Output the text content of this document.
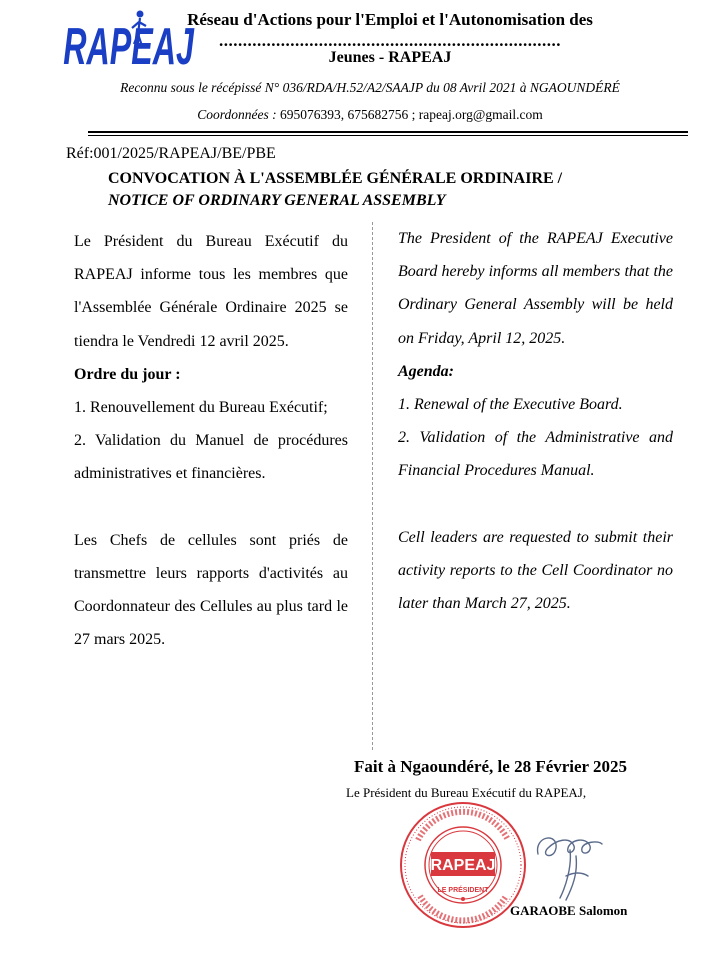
RAPEAJ
Réseau d'Actions pour l'Emploi et l'Autonomisation des
........................................................................
Jeunes - RAPEAJ
Reconnu sous le récépissé N° 036/RDA/H.52/A2/SAAJP du 08 Avril 2021 à NGAOUNDÉRÉ
Coordonnées : 695076393, 675682756 ; rapeaj.org@gmail.com
Réf:001/2025/RAPEAJ/BE/PBE
CONVOCATION À L'ASSEMBLÉE GÉNÉRALE ORDINAIRE /
NOTICE OF ORDINARY GENERAL ASSEMBLY

Le Président du Bureau Exécutif du RAPEAJ informe tous les membres que l'Assemblée Générale Ordinaire 2025 se tiendra le Vendredi 12 avril 2025.

Ordre du jour :

1. Renouvellement du Bureau Exécutif;

2. Validation du Manuel de procédures administratives et financières.

Les Chefs de cellules sont priés de transmettre leurs rapports d'activités au Coordonnateur des Cellules au plus tard le 27 mars 2025.

The President of the RAPEAJ Executive Board hereby informs all members that the Ordinary General Assembly will be held on Friday, April 12, 2025.

Agenda:

1. Renewal of the Executive Board.

2. Validation of the Administrative and Financial Procedures Manual.

Cell leaders are requested to submit their activity reports to the Cell Coordinator no later than March 27, 2025.

Fait à Ngaoundéré, le 28 Février 2025
Le Président du Bureau Exécutif du RAPEAJ,
RAPEAJ
LE PRÉSIDENT
GARAOBE Salomon
